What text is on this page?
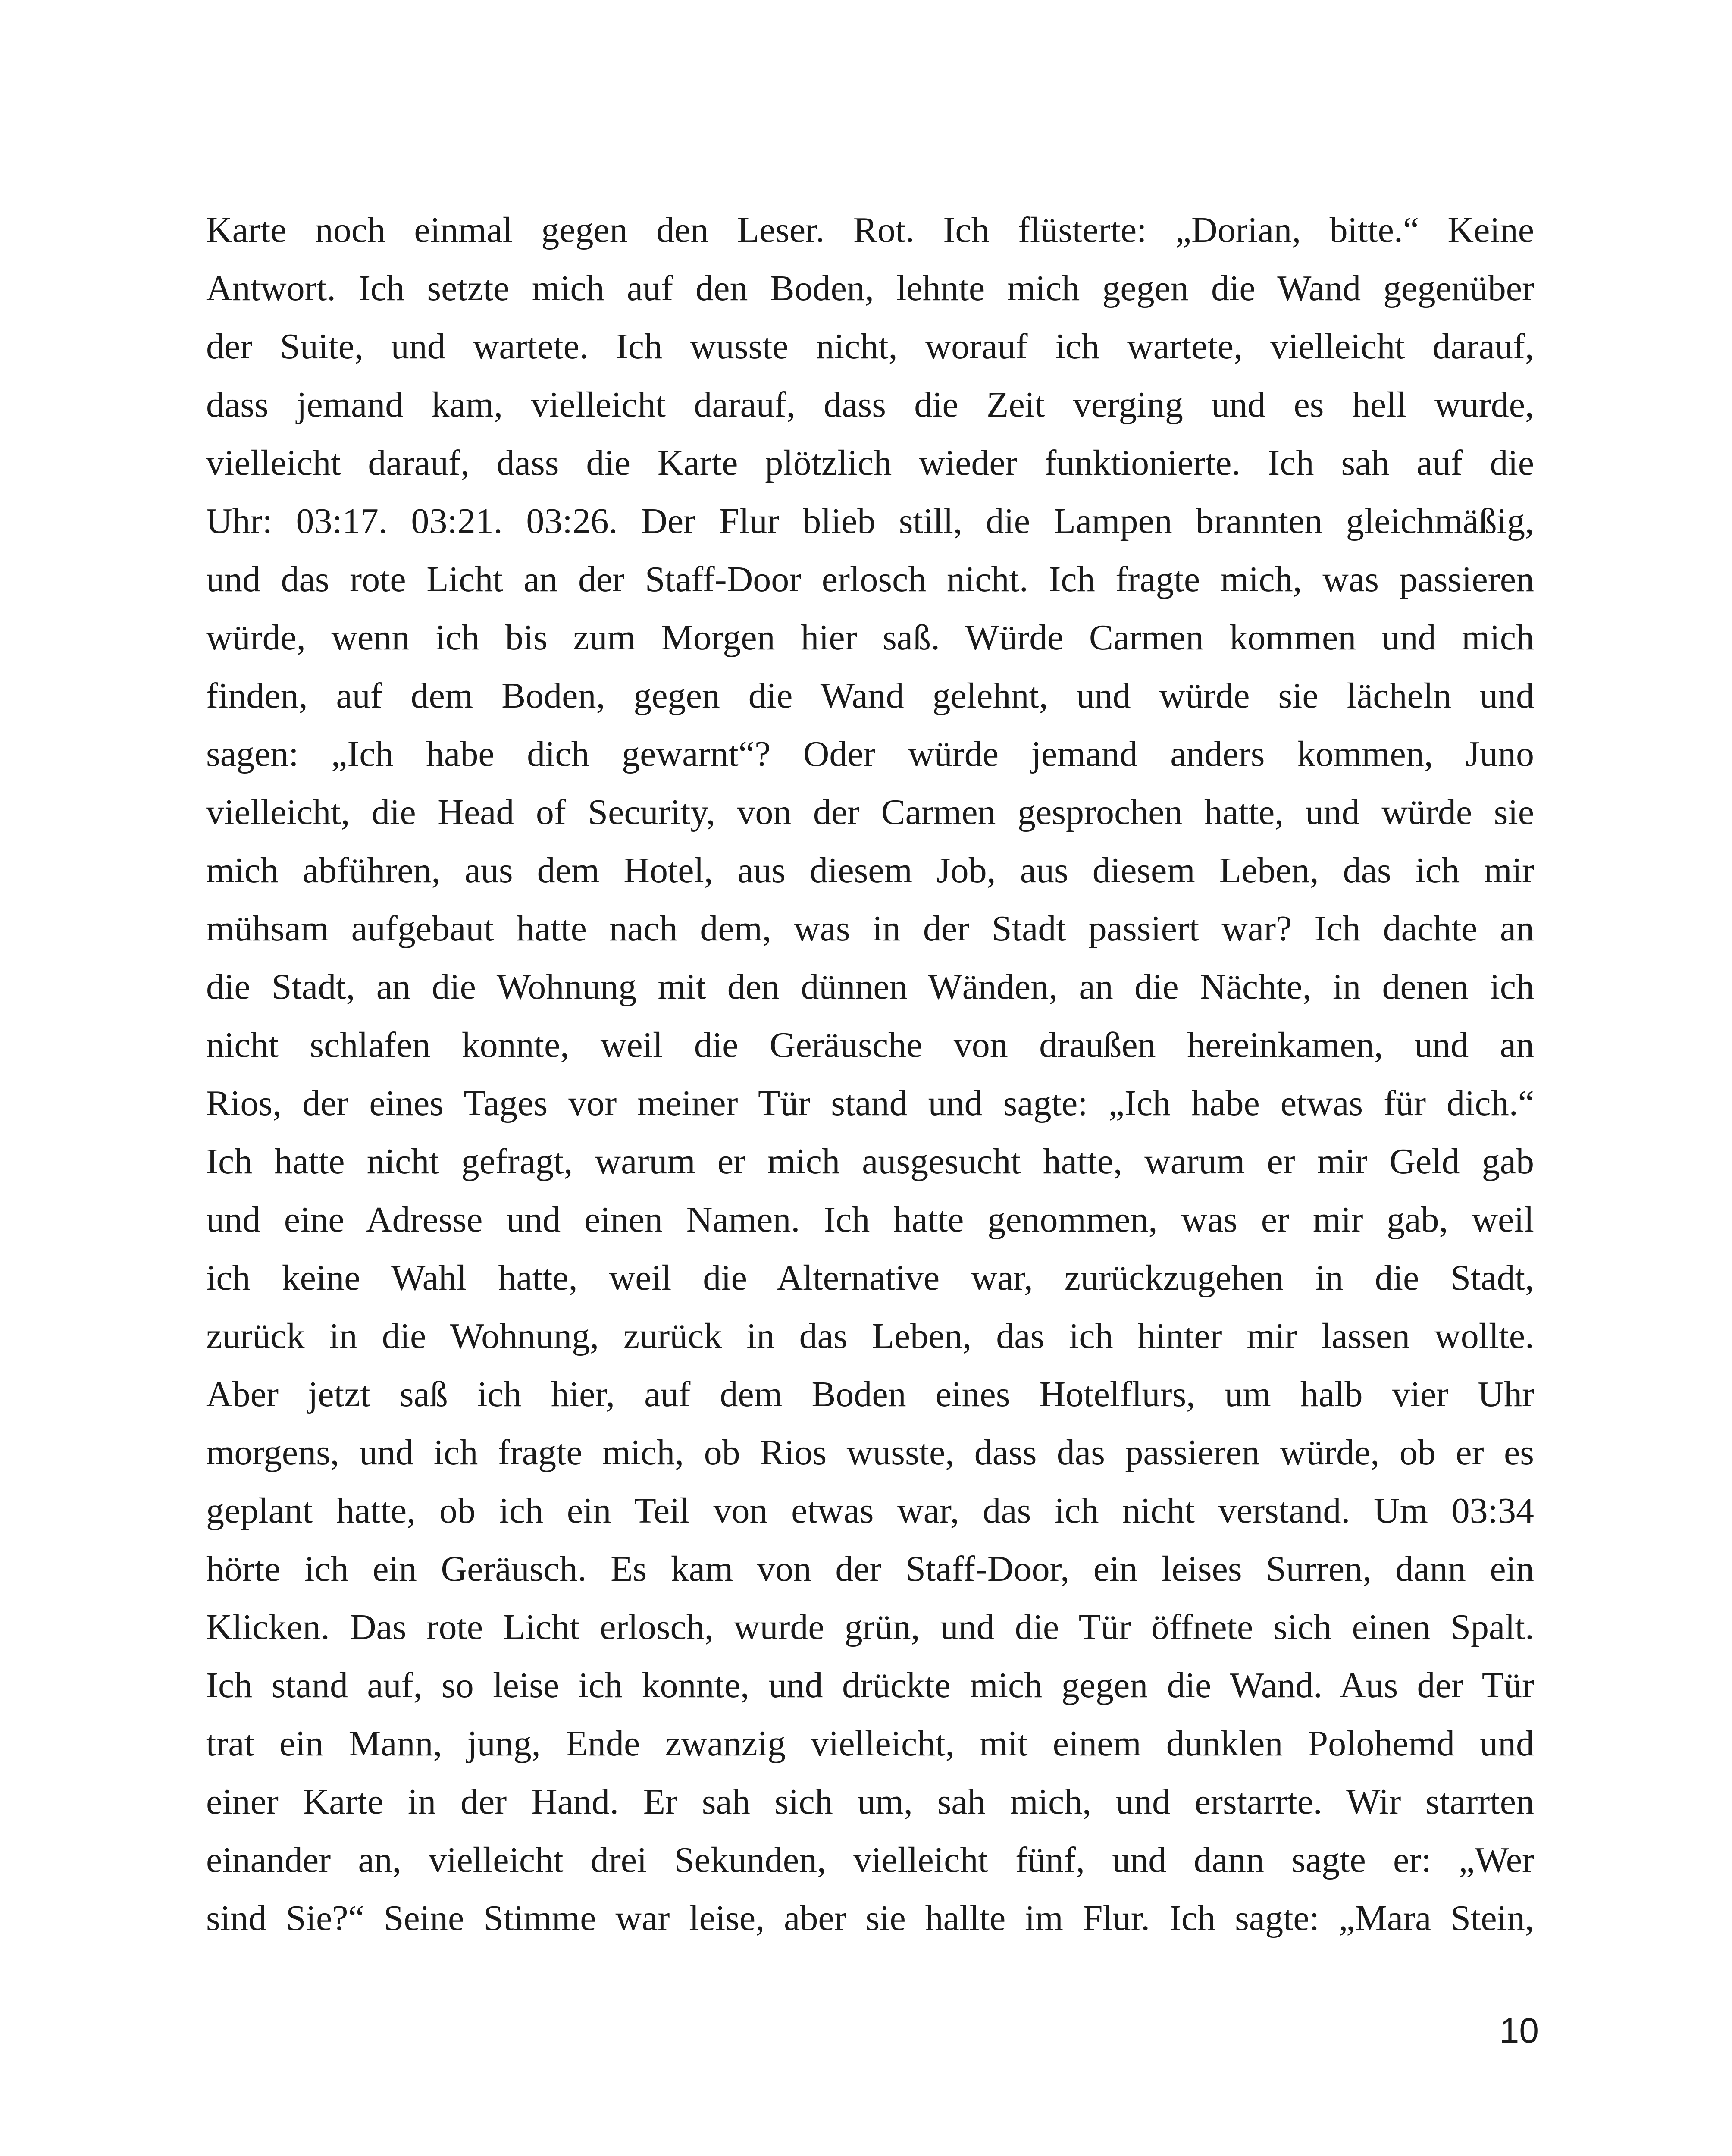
Karte noch einmal gegen den Leser. Rot. Ich flüsterte: „Dorian, bitte.“ Keine
Antwort. Ich setzte mich auf den Boden, lehnte mich gegen die Wand gegenüber
der Suite, und wartete. Ich wusste nicht, worauf ich wartete, vielleicht darauf,
dass jemand kam, vielleicht darauf, dass die Zeit verging und es hell wurde,
vielleicht darauf, dass die Karte plötzlich wieder funktionierte. Ich sah auf die
Uhr: 03:17. 03:21. 03:26. Der Flur blieb still, die Lampen brannten gleichmäßig,
und das rote Licht an der Staff-Door erlosch nicht. Ich fragte mich, was passieren
würde, wenn ich bis zum Morgen hier saß. Würde Carmen kommen und mich
finden, auf dem Boden, gegen die Wand gelehnt, und würde sie lächeln und
sagen: „Ich habe dich gewarnt“? Oder würde jemand anders kommen, Juno
vielleicht, die Head of Security, von der Carmen gesprochen hatte, und würde sie
mich abführen, aus dem Hotel, aus diesem Job, aus diesem Leben, das ich mir
mühsam aufgebaut hatte nach dem, was in der Stadt passiert war? Ich dachte an
die Stadt, an die Wohnung mit den dünnen Wänden, an die Nächte, in denen ich
nicht schlafen konnte, weil die Geräusche von draußen hereinkamen, und an
Rios, der eines Tages vor meiner Tür stand und sagte: „Ich habe etwas für dich.“
Ich hatte nicht gefragt, warum er mich ausgesucht hatte, warum er mir Geld gab
und eine Adresse und einen Namen. Ich hatte genommen, was er mir gab, weil
ich keine Wahl hatte, weil die Alternative war, zurückzugehen in die Stadt,
zurück in die Wohnung, zurück in das Leben, das ich hinter mir lassen wollte.
Aber jetzt saß ich hier, auf dem Boden eines Hotelflurs, um halb vier Uhr
morgens, und ich fragte mich, ob Rios wusste, dass das passieren würde, ob er es
geplant hatte, ob ich ein Teil von etwas war, das ich nicht verstand. Um 03:34
hörte ich ein Geräusch. Es kam von der Staff-Door, ein leises Surren, dann ein
Klicken. Das rote Licht erlosch, wurde grün, und die Tür öffnete sich einen Spalt.
Ich stand auf, so leise ich konnte, und drückte mich gegen die Wand. Aus der Tür
trat ein Mann, jung, Ende zwanzig vielleicht, mit einem dunklen Polohemd und
einer Karte in der Hand. Er sah sich um, sah mich, und erstarrte. Wir starrten
einander an, vielleicht drei Sekunden, vielleicht fünf, und dann sagte er: „Wer
sind Sie?“ Seine Stimme war leise, aber sie hallte im Flur. Ich sagte: „Mara Stein,
10
